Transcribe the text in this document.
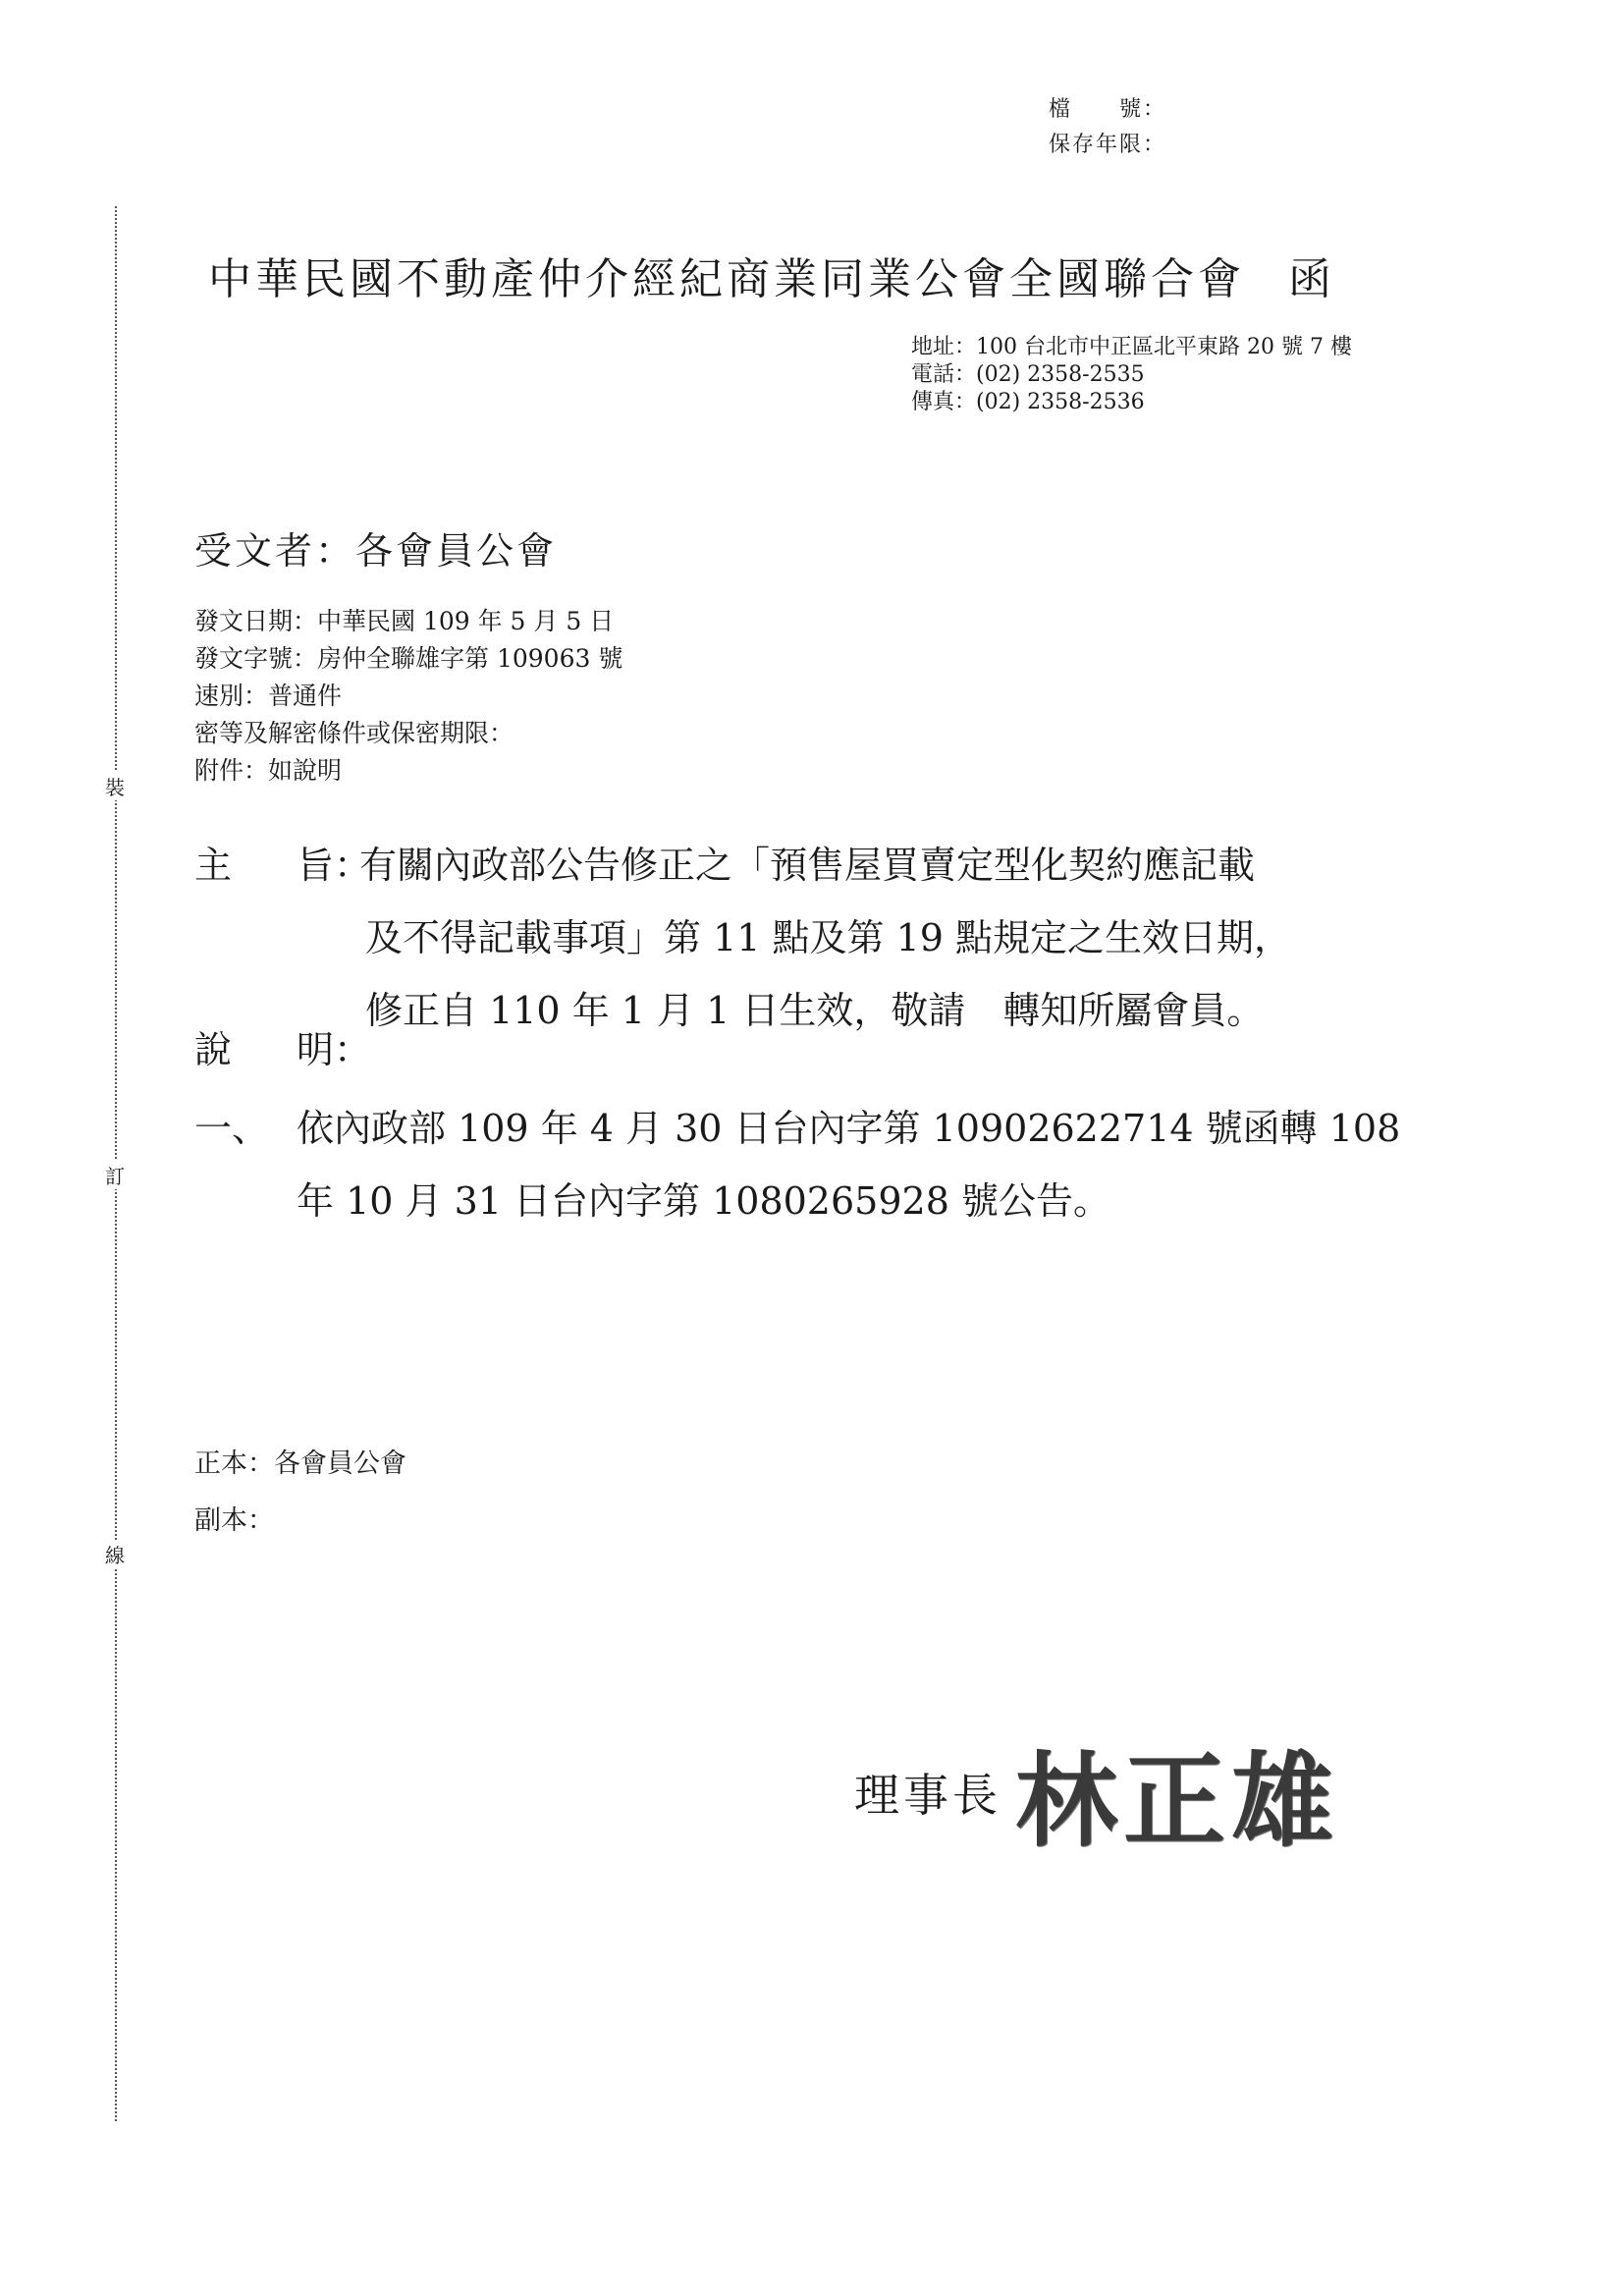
檔　　號：
保存年限：
裝
訂
線
中華民國不動產仲介經紀商業同業公會全國聯合會 函
地址：100 台北市中正區北平東路 20 號 7 樓
電話：(02) 2358-2535
傳真：(02) 2358-2536
受文者：各會員公會
發文日期：中華民國 109 年 5 月 5 日
發文字號：房仲全聯雄字第 109063 號
速別：普通件
密等及解密條件或保密期限：
附件：如說明
主 旨：
有關內政部公告修正之「預售屋買賣定型化契約應記載
及不得記載事項」第 11 點及第 19 點規定之生效日期，
修正自 110 年 1 月 1 日生效，敬請　轉知所屬會員。
說 明：
一、 依內政部 109 年 4 月 30 日台內字第 10902622714 號函轉 108
年 10 月 31 日台內字第 1080265928 號公告。
正本：各會員公會
副本：
理事長 林正雄
